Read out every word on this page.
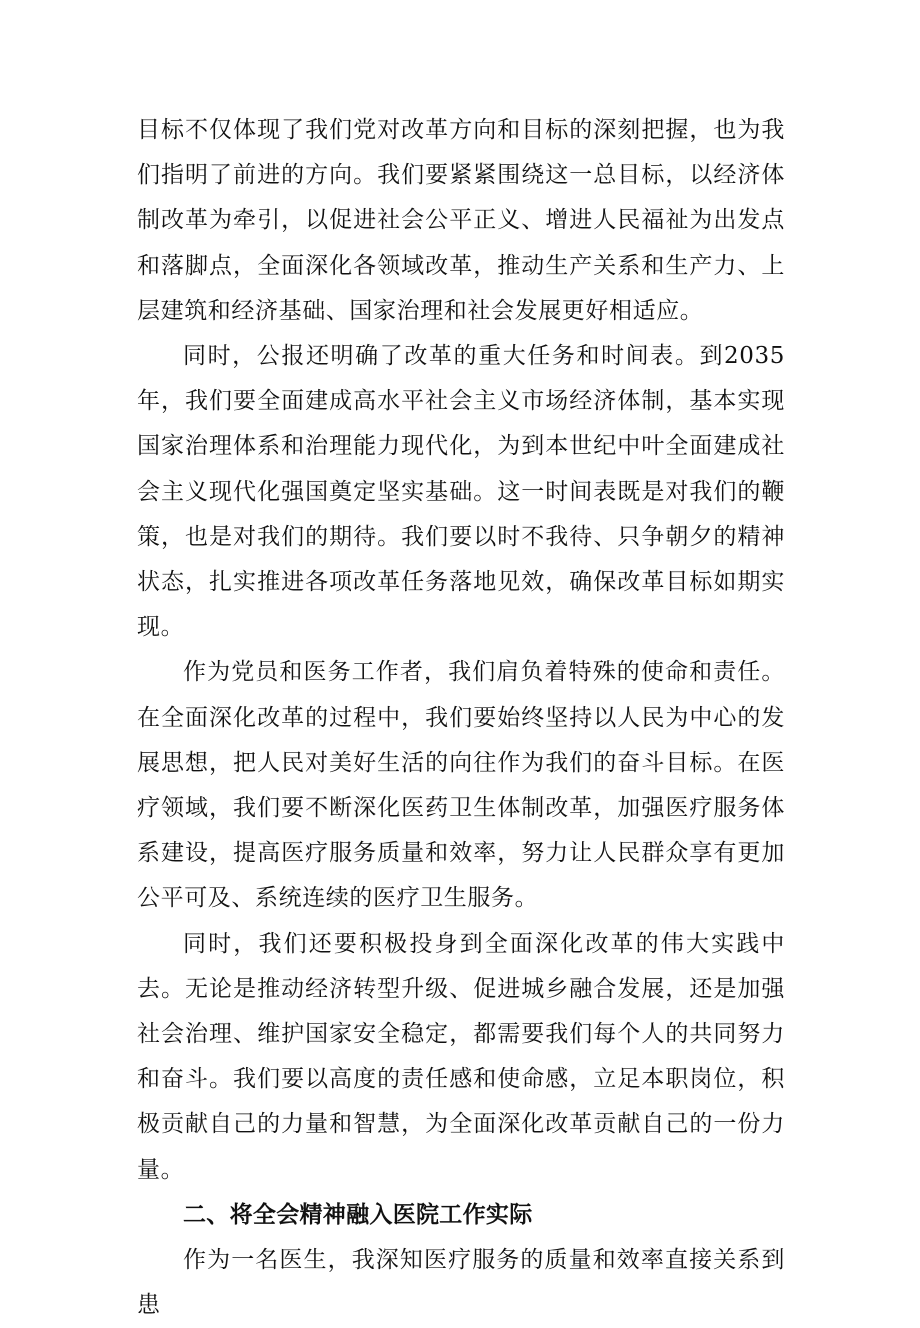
目标不仅体现了我们党对改革方向和目标的深刻把握，也为我们指明了前进的方向。我们要紧紧围绕这一总目标，以经济体制改革为牵引，以促进社会公平正义、增进人民福祉为出发点和落脚点，全面深化各领域改革，推动生产关系和生产力、上层建筑和经济基础、国家治理和社会发展更好相适应。

同时，公报还明确了改革的重大任务和时间表。到2035年，我们要全面建成高水平社会主义市场经济体制，基本实现国家治理体系和治理能力现代化，为到本世纪中叶全面建成社会主义现代化强国奠定坚实基础。这一时间表既是对我们的鞭策，也是对我们的期待。我们要以时不我待、只争朝夕的精神状态，扎实推进各项改革任务落地见效，确保改革目标如期实现。

作为党员和医务工作者，我们肩负着特殊的使命和责任。在全面深化改革的过程中，我们要始终坚持以人民为中心的发展思想，把人民对美好生活的向往作为我们的奋斗目标。在医疗领域，我们要不断深化医药卫生体制改革，加强医疗服务体系建设，提高医疗服务质量和效率，努力让人民群众享有更加公平可及、系统连续的医疗卫生服务。

同时，我们还要积极投身到全面深化改革的伟大实践中去。无论是推动经济转型升级、促进城乡融合发展，还是加强社会治理、维护国家安全稳定，都需要我们每个人的共同努力和奋斗。我们要以高度的责任感和使命感，立足本职岗位，积极贡献自己的力量和智慧，为全面深化改革贡献自己的一份力量。

二、将全会精神融入医院工作实际

作为一名医生，我深知医疗服务的质量和效率直接关系到患
